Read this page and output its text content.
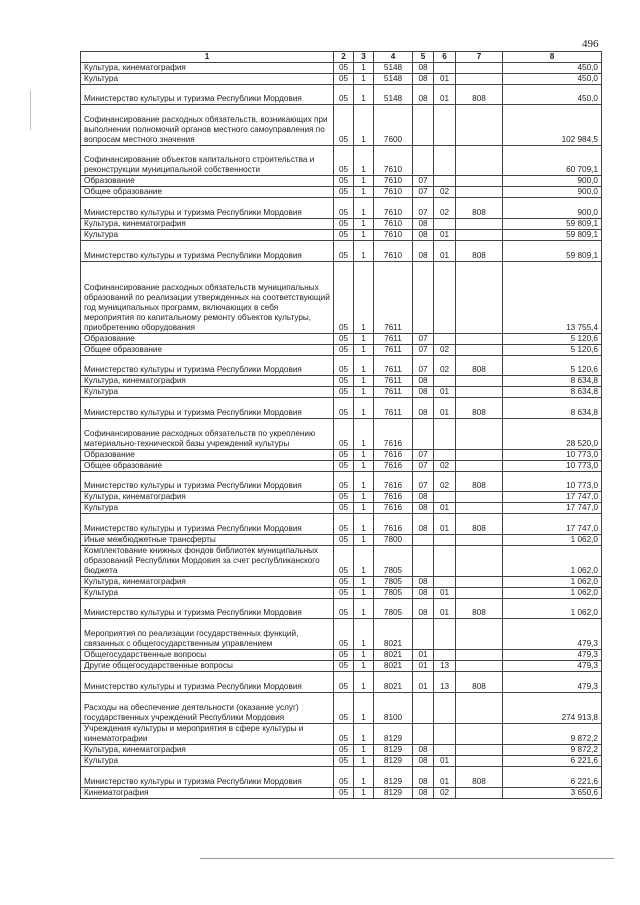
496
1	2	3	4	5	6	7	8
Культура, кинематография	05	1	5148	08			450,0
Культура	05	1	5148	08	01		450,0
Министерство культуры и туризма Республики Мордовия	05	1	5148	08	01	808	450,0
Софинансирование расходных обязательств, возникающих при выполнении полномочий органов местного самоуправления по вопросам местного значения	05	1	7600				102 984,5
Софинансирование объектов капитального строительства и реконструкции муниципальной собственности	05	1	7610				60 709,1
Образование	05	1	7610	07			900,0
Общее образование	05	1	7610	07	02		900,0
Министерство культуры и туризма Республики Мордовия	05	1	7610	07	02	808	900,0
Культура, кинематография	05	1	7610	08			59 809,1
Культура	05	1	7610	08	01		59 809,1
Министерство культуры и туризма Республики Мордовия	05	1	7610	08	01	808	59 809,1
Софинансирование расходных обязательств муниципальных образований по реализации утвержденных на соответствующий год муниципальных программ, включающих в себя мероприятия по капитальному ремонту объектов культуры, приобретению оборудования	05	1	7611				13 755,4
Образование	05	1	7611	07			5 120,6
Общее образование	05	1	7611	07	02		5 120,6
Министерство культуры и туризма Республики Мордовия	05	1	7611	07	02	808	5 120,6
Культура, кинематография	05	1	7611	08			8 634,8
Культура	05	1	7611	08	01		8 634,8
Министерство культуры и туризма Республики Мордовия	05	1	7611	08	01	808	8 634,8
Софинансирование расходных обязательств по укреплению материально-технической базы учреждений культуры	05	1	7616				28 520,0
Образование	05	1	7616	07			10 773,0
Общее образование	05	1	7616	07	02		10 773,0
Министерство культуры и туризма Республики Мордовия	05	1	7616	07	02	808	10 773,0
Культура, кинематография	05	1	7616	08			17 747,0
Культура	05	1	7616	08	01		17 747,0
Министерство культуры и туризма Республики Мордовия	05	1	7616	08	01	808	17 747,0
Иные межбюджетные трансферты	05	1	7800				1 062,0
Комплектование книжных фондов библиотек муниципальных образований Республики Мордовия за счет республиканского бюджета	05	1	7805				1 062,0
Культура, кинематография	05	1	7805	08			1 062,0
Культура	05	1	7805	08	01		1 062,0
Министерство культуры и туризма Республики Мордовия	05	1	7805	08	01	808	1 062,0
Мероприятия по реализации государственных функций, связанных с общегосударственным управлением	05	1	8021				479,3
Общегосударственные вопросы	05	1	8021	01			479,3
Другие общегосударственные вопросы	05	1	8021	01	13		479,3
Министерство культуры и туризма Республики Мордовия	05	1	8021	01	13	808	479,3
Расходы на обеспечение деятельности (оказание услуг) государственных учреждений Республики Мордовия	05	1	8100				274 913,8
Учреждения культуры и мероприятия в сфере культуры и кинематографии	05	1	8129				9 872,2
Культура, кинематография	05	1	8129	08			9 872,2
Культура	05	1	8129	08	01		6 221,6
Министерство культуры и туризма Республики Мордовия	05	1	8129	08	01	808	6 221,6
Кинематография	05	1	8129	08	02		3 650,6
